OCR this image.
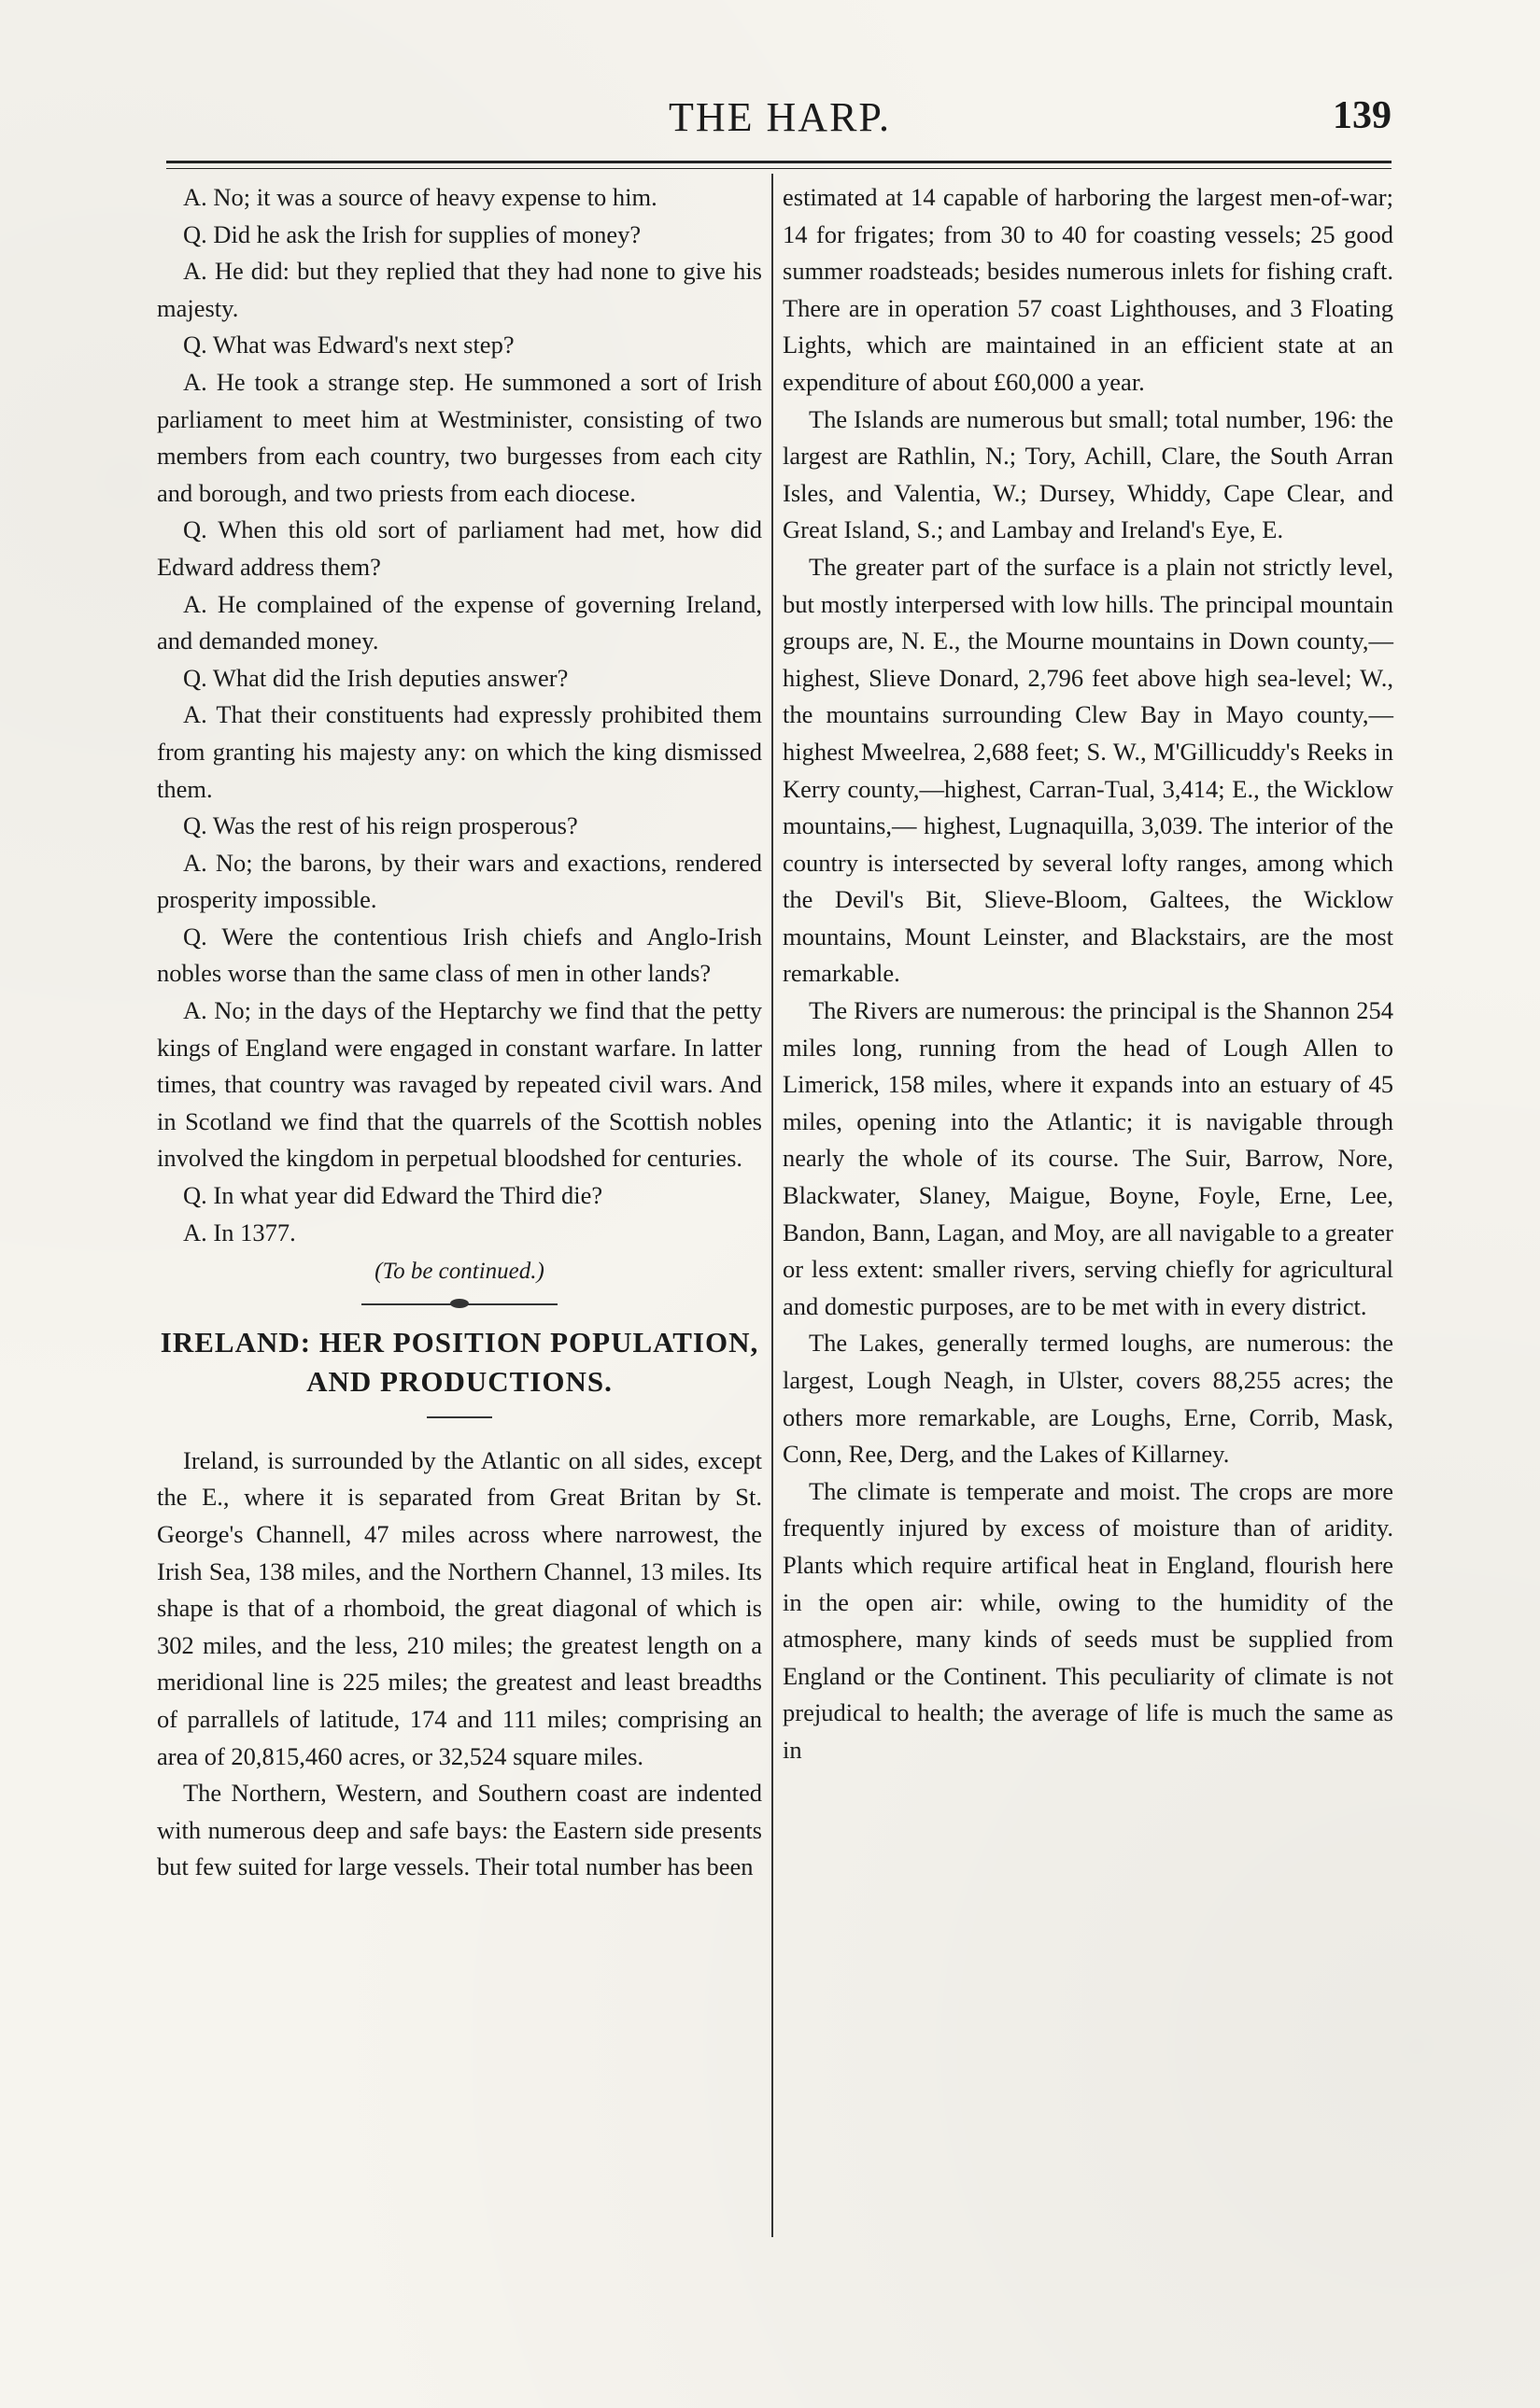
THE HARP.	139

A. No; it was a source of heavy expense to him.

Q. Did he ask the Irish for supplies of money?

A. He did: but they replied that they had none to give his majesty.

Q. What was Edward's next step?

A. He took a strange step. He summoned a sort of Irish parliament to meet him at Westminister, consisting of two members from each country, two burgesses from each city and borough, and two priests from each diocese.

Q. When this old sort of parliament had met, how did Edward address them?

A. He complained of the expense of governing Ireland, and demanded money.

Q. What did the Irish deputies answer?

A. That their constituents had expressly prohibited them from granting his majesty any: on which the king dismissed them.

Q. Was the rest of his reign prosperous?

A. No; the barons, by their wars and exactions, rendered prosperity impossible.

Q. Were the contentious Irish chiefs and Anglo-Irish nobles worse than the same class of men in other lands?

A. No; in the days of the Heptarchy we find that the petty kings of England were engaged in constant warfare. In latter times, that country was ravaged by repeated civil wars. And in Scotland we find that the quarrels of the Scottish nobles involved the kingdom in perpetual bloodshed for centuries.

Q. In what year did Edward the Third die?

A. In 1377.

(To be continued.)

IRELAND: HER POSITION POPULATION, AND PRODUCTIONS.

Ireland, is surrounded by the Atlantic on all sides, except the E., where it is separated from Great Britan by St. George's Channell, 47 miles across where narrowest, the Irish Sea, 138 miles, and the Northern Channel, 13 miles. Its shape is that of a rhomboid, the great diagonal of which is 302 miles, and the less, 210 miles; the greatest length on a meridional line is 225 miles; the greatest and least breadths of parrallels of latitude, 174 and 111 miles; comprising an area of 20,815,460 acres, or 32,524 square miles.

The Northern, Western, and Southern coast are indented with numerous deep and safe bays: the Eastern side presents but few suited for large vessels. Their total number has been

estimated at 14 capable of harboring the largest men-of-war; 14 for frigates; from 30 to 40 for coasting vessels; 25 good summer roadsteads; besides numerous inlets for fishing craft. There are in operation 57 coast Lighthouses, and 3 Floating Lights, which are maintained in an efficient state at an expenditure of about £60,000 a year.

The Islands are numerous but small; total number, 196: the largest are Rathlin, N.; Tory, Achill, Clare, the South Arran Isles, and Valentia, W.; Dursey, Whiddy, Cape Clear, and Great Island, S.; and Lambay and Ireland's Eye, E.

The greater part of the surface is a plain not strictly level, but mostly interpersed with low hills. The principal mountain groups are, N. E., the Mourne mountains in Down county,—highest, Slieve Donard, 2,796 feet above high sea-level; W., the mountains surrounding Clew Bay in Mayo county,—highest Mweelrea, 2,688 feet; S. W., M'Gillicuddy's Reeks in Kerry county,—highest, Carran-Tual, 3,414; E., the Wicklow mountains,— highest, Lugnaquilla, 3,039. The interior of the country is intersected by several lofty ranges, among which the Devil's Bit, Slieve-Bloom, Galtees, the Wicklow mountains, Mount Leinster, and Blackstairs, are the most remarkable.

The Rivers are numerous: the principal is the Shannon 254 miles long, running from the head of Lough Allen to Limerick, 158 miles, where it expands into an estuary of 45 miles, opening into the Atlantic; it is navigable through nearly the whole of its course. The Suir, Barrow, Nore, Blackwater, Slaney, Maigue, Boyne, Foyle, Erne, Lee, Bandon, Bann, Lagan, and Moy, are all navigable to a greater or less extent: smaller rivers, serving chiefly for agricultural and domestic purposes, are to be met with in every district.

The Lakes, generally termed loughs, are numerous: the largest, Lough Neagh, in Ulster, covers 88,255 acres; the others more remarkable, are Loughs, Erne, Corrib, Mask, Conn, Ree, Derg, and the Lakes of Killarney.

The climate is temperate and moist. The crops are more frequently injured by excess of moisture than of aridity. Plants which require artifical heat in England, flourish here in the open air: while, owing to the humidity of the atmosphere, many kinds of seeds must be supplied from England or the Continent. This peculiarity of climate is not prejudical to health; the average of life is much the same as in
